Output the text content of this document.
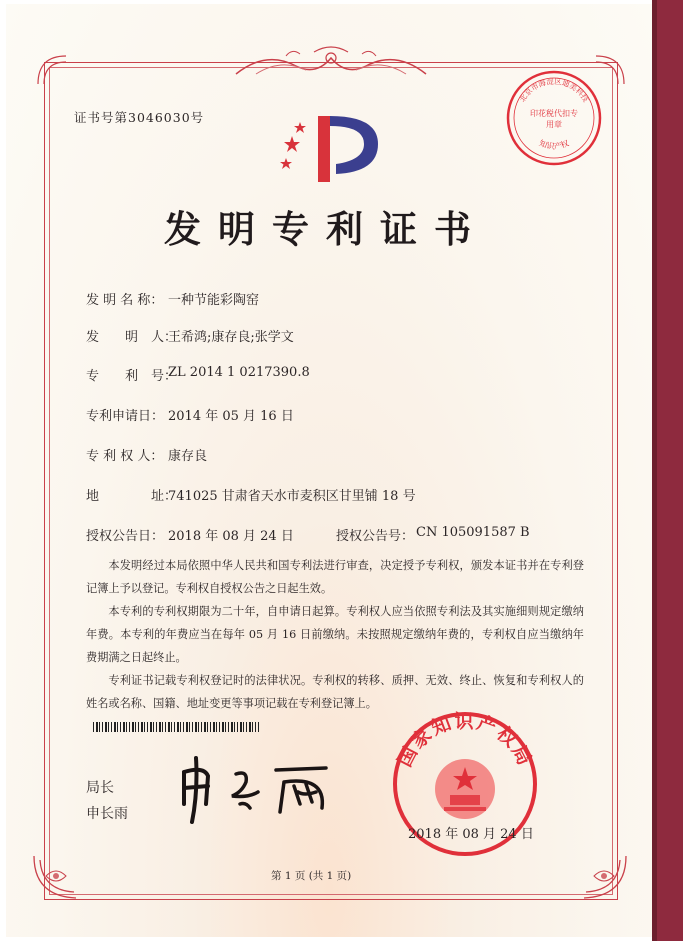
证书号第3046030号
北京市海淀区迪美科技
知识产权
印花税代扣专用章
发明专利证书
发 明 名 称： 一种节能彩陶窑
发　　明　人：
王希鸿;康存良;张学文
专　　利　号：
ZL 2014 1 0217390.8
专利申请日： 2014 年 05 月 16 日
专 利 权 人： 康存良
地　　　　址：
741025 甘肃省天水市麦积区甘里铺 18 号
授权公告日： 2018 年 08 月 24 日	授权公告号： CN 105091587 B
本发明经过本局依照中华人民共和国专利法进行审查，决定授予专利权，颁发本证书并在专利登记簿上予以登记。专利权自授权公告之日起生效。
本专利的专利权期限为二十年，自申请日起算。专利权人应当依照专利法及其实施细则规定缴纳年费。本专利的年费应当在每年 05 月 16 日前缴纳。未按照规定缴纳年费的，专利权自应当缴纳年费期满之日起终止。
专利证书记载专利权登记时的法律状况。专利权的转移、质押、无效、终止、恢复和专利权人的姓名或名称、国籍、地址变更等事项记载在专利登记簿上。
局长
申长雨
国家知识产权局
2018 年 08 月 24 日
第 1 页 (共 1 页)
